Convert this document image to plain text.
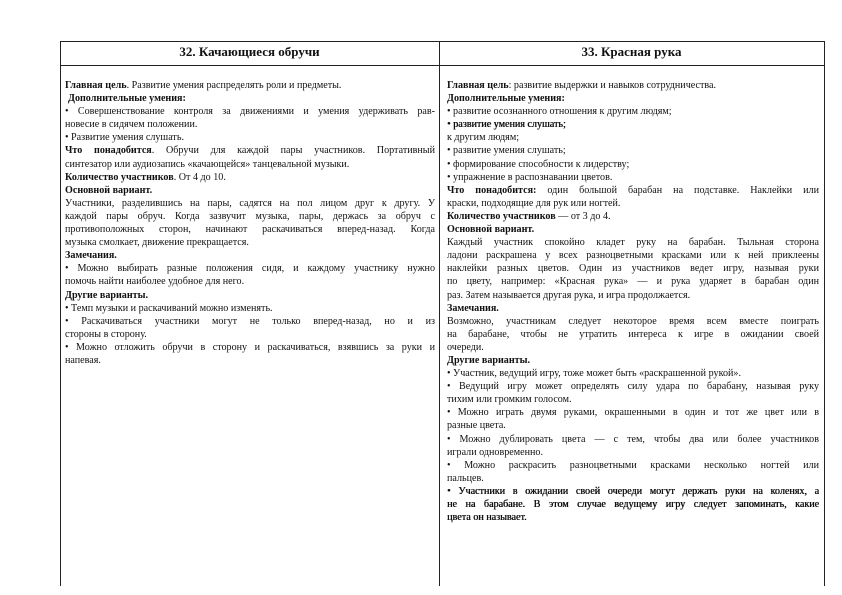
32. Качающиеся обручи	33. Красная рука

Главная цель. Развитие умения распределять роли и предметы.

Дополнительные умения:

• Совершенствование контроля за движениями и умения удерживать рав-

новесие в сидячем положении.

• Развитие умения слушать.

Что понадобится. Обручи для каждой пары участников. Портативный

синтезатор или аудиозапись «качающейся» танцевальной музыки.

Количество участников. От 4 до 10.

Основной вариант.

Участники, разделившись на пары, садятся на пол лицом друг к другу. У

каждой пары обруч. Когда зазвучит музыка, пары, держась за обруч с

противоположных сторон, начинают раскачиваться вперед-назад. Когда

музыка смолкает, движение прекращается.

Замечания.

• Можно выбирать разные положения сидя, и каждому участнику нужно

помочь найти наиболее удобное для него.

Другие варианты.

• Темп музыки и раскачиваний можно изменять.

• Раскачиваться участники могут не только вперед-назад, но и из

стороны в сторону.

• Можно отложить обручи в сторону и раскачиваться, взявшись за руки и

напевая.

Главная цель: развитие выдержки и навыков сотрудничества.

Дополнительные умения:

• развитие осознанного отношения к другим людям;

• развитие умения слушать;

к другим людям;

• развитие умения слушать;

• формирование способности к лидерству;

• упражнение в распознавании цветов.

Что понадобится: один большой барабан на подставке. Наклейки или

краски, подходящие для рук или ногтей.

Количество участников — от 3 до 4.

Основной вариант.

Каждый участник спокойно кладет руку на барабан. Тыльная сторона

ладони раскрашена у всех разноцветными красками или к ней приклеены

наклейки разных цветов. Один из участников ведет игру, называя руки

по цвету, например: «Красная рука» — и рука ударяет в барабан один

раз. Затем называется другая рука, и игра продолжается.

Замечания.

Возможно, участникам следует некоторое время всем вместе поиграть

на барабане, чтобы не утратить интереса к игре в ожидании своей

очереди.

Другие варианты.

• Участник, ведущий игру, тоже может быть «раскрашенной рукой».

• Ведущий игру может определять силу удара по барабану, называя руку

тихим или громким голосом.

• Можно играть двумя руками, окрашенными в один и тот же цвет или в

разные цвета.

• Можно дублировать цвета — с тем, чтобы два или более участников

играли одновременно.

• Можно раскрасить разноцветными красками несколько ногтей или

пальцев.

• Участники в ожидании своей очереди могут держать руки на коленях, а

не на барабане. В этом случае ведущему игру следует запоминать, какие

цвета он называет.
